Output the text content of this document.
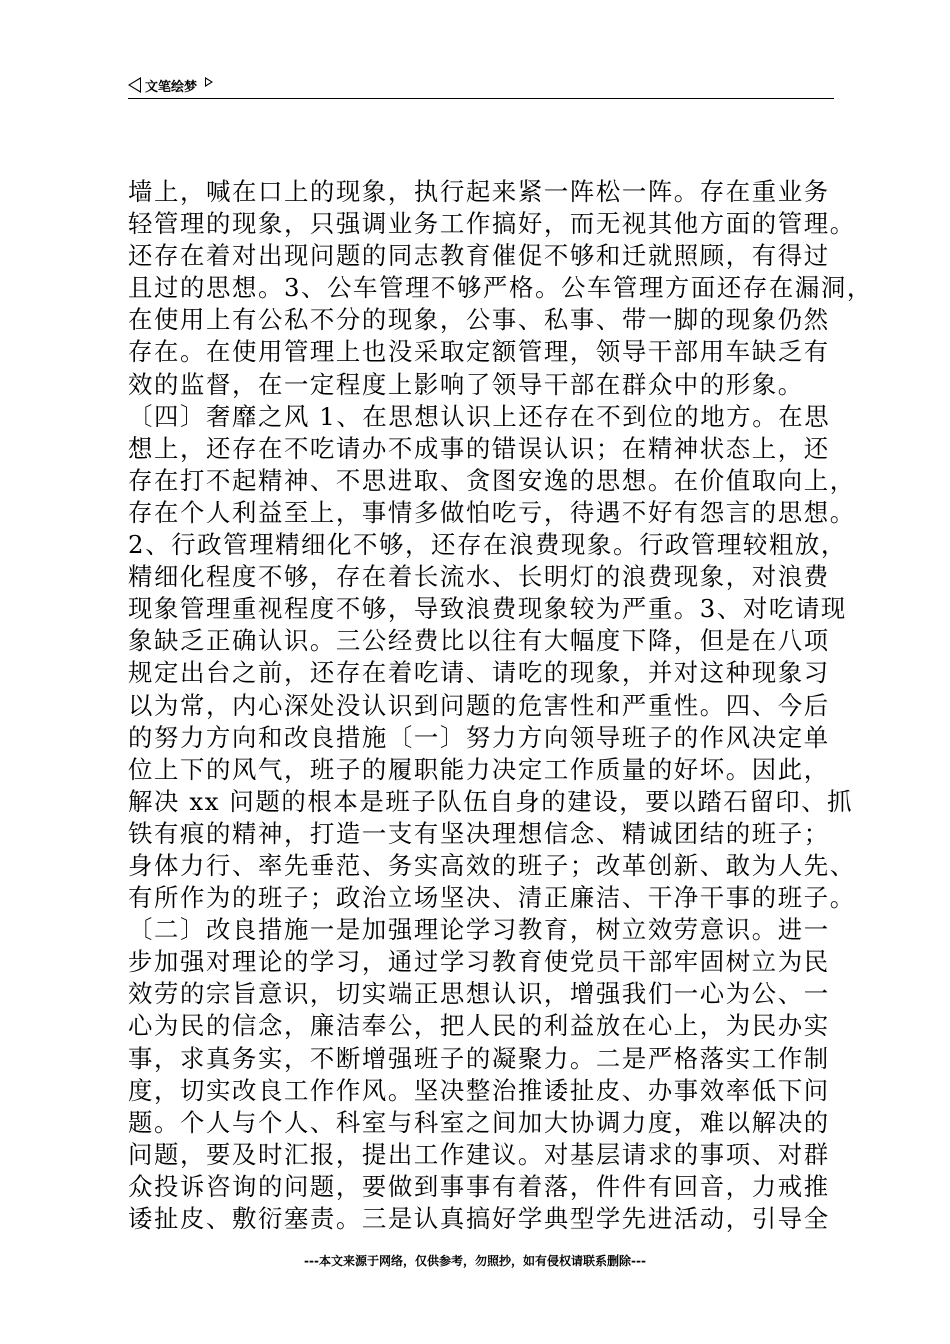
文笔绘梦
墙上，喊在口上的现象，执行起来紧一阵松一阵。存在重业务
轻管理的现象，只强调业务工作搞好，而无视其他方面的管理。
还存在着对出现问题的同志教育催促不够和迁就照顾，有得过
且过的思想。3、公车管理不够严格。公车管理方面还存在漏洞，
在使用上有公私不分的现象，公事、私事、带一脚的现象仍然
存在。在使用管理上也没采取定额管理，领导干部用车缺乏有
效的监督，在一定程度上影响了领导干部在群众中的形象。
〔四〕奢靡之风 1、在思想认识上还存在不到位的地方。在思
想上，还存在不吃请办不成事的错误认识；在精神状态上，还
存在打不起精神、不思进取、贪图安逸的思想。在价值取向上，
存在个人利益至上，事情多做怕吃亏，待遇不好有怨言的思想。
2、行政管理精细化不够，还存在浪费现象。行政管理较粗放，
精细化程度不够，存在着长流水、长明灯的浪费现象，对浪费
现象管理重视程度不够，导致浪费现象较为严重。3、对吃请现
象缺乏正确认识。三公经费比以往有大幅度下降，但是在八项
规定出台之前，还存在着吃请、请吃的现象，并对这种现象习
以为常，内心深处没认识到问题的危害性和严重性。四、今后
的努力方向和改良措施〔一〕努力方向领导班子的作风决定单
位上下的风气，班子的履职能力决定工作质量的好坏。因此，
解决 xx 问题的根本是班子队伍自身的建设，要以踏石留印、抓
铁有痕的精神，打造一支有坚决理想信念、精诚团结的班子；
身体力行、率先垂范、务实高效的班子；改革创新、敢为人先、
有所作为的班子；政治立场坚决、清正廉洁、干净干事的班子。
〔二〕改良措施一是加强理论学习教育，树立效劳意识。进一
步加强对理论的学习，通过学习教育使党员干部牢固树立为民
效劳的宗旨意识，切实端正思想认识，增强我们一心为公、一
心为民的信念，廉洁奉公，把人民的利益放在心上，为民办实
事，求真务实，不断增强班子的凝聚力。二是严格落实工作制
度，切实改良工作作风。坚决整治推诿扯皮、办事效率低下问
题。个人与个人、科室与科室之间加大协调力度，难以解决的
问题，要及时汇报，提出工作建议。对基层请求的事项、对群
众投诉咨询的问题，要做到事事有着落，件件有回音，力戒推
诿扯皮、敷衍塞责。三是认真搞好学典型学先进活动，引导全
---本文来源于网络，仅供参考，勿照抄，如有侵权请联系删除---
